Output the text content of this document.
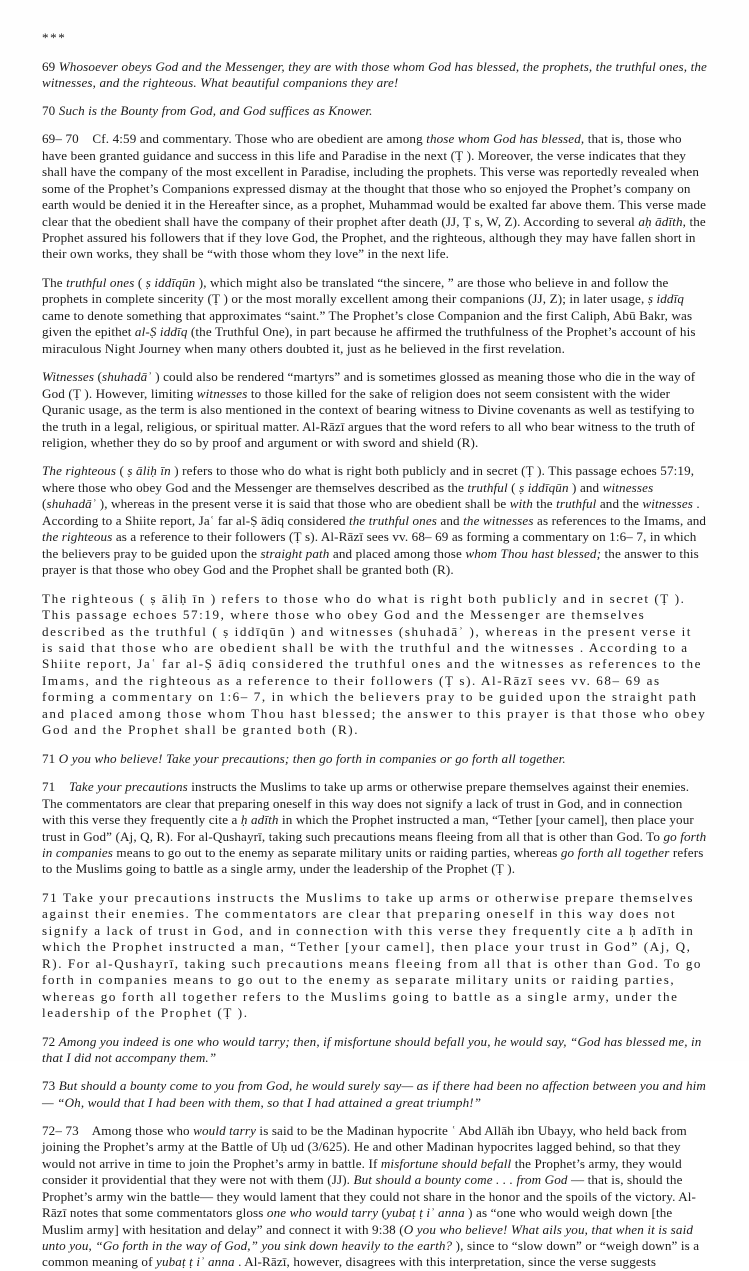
***
69 Whosoever obeys God and the Messenger, they are with those whom God has blessed, the prophets, the truthful ones, the witnesses, and the righteous. What beautiful companions they are!
70 Such is the Bounty from God, and God suffices as Knower.
69– 70    Cf. 4:59 and commentary. Those who are obedient are among those whom God has blessed, that is, those who have been granted guidance and success in this life and Paradise in the next (Ṭ ). Moreover, the verse indicates that they shall have the company of the most excellent in Paradise, including the prophets. This verse was reportedly revealed when some of the Prophet’s Companions expressed dismay at the thought that those who so enjoyed the Prophet’s company on earth would be denied it in the Hereafter since, as a prophet, Muhammad would be exalted far above them. This verse made clear that the obedient shall have the company of their prophet after death (JJ, Ṭ s, W, Z). According to several aḥ ādīth, the Prophet assured his followers that if they love God, the Prophet, and the righteous, although they may have fallen short in their own works, they shall be “with those whom they love” in the next life.
The truthful ones ( ṣ iddīqūn ), which might also be translated “the sincere, ” are those who believe in and follow the prophets in complete sincerity (Ṭ ) or the most morally excellent among their companions (JJ, Z); in later usage, ṣ iddīq came to denote something that approximates “saint.” The Prophet’s close Companion and the first Caliph, Abū Bakr, was given the epithet al-Ṣ iddīq (the Truthful One), in part because he affirmed the truthfulness of the Prophet’s account of his miraculous Night Journey when many others doubted it, just as he believed in the first revelation.
Witnesses (shuhadāʾ ) could also be rendered “martyrs” and is sometimes glossed as meaning those who die in the way of God (Ṭ ). However, limiting witnesses to those killed for the sake of religion does not seem consistent with the wider Quranic usage, as the term is also mentioned in the context of bearing witness to Divine covenants as well as testifying to the truth in a legal, religious, or spiritual matter. Al-Rāzī argues that the word refers to all who bear witness to the truth of religion, whether they do so by proof and argument or with sword and shield (R).
The righteous ( ṣ āliḥ īn ) refers to those who do what is right both publicly and in secret (Ṭ ). This passage echoes 57:19, where those who obey God and the Messenger are themselves described as the truthful ( ṣ iddīqūn ) and witnesses (shuhadāʾ ), whereas in the present verse it is said that those who are obedient shall be with the truthful and the witnesses . According to a Shiite report, Jaʿ far al-Ṣ ādiq considered the truthful ones and the witnesses as references to the Imams, and the righteous as a reference to their followers (Ṭ s). Al-Rāzī sees vv. 68– 69 as forming a commentary on 1:6– 7, in which the believers pray to be guided upon the straight path and placed among those whom Thou hast blessed; the answer to this prayer is that those who obey God and the Prophet shall be granted both (R).
The righteous ( ṣ āliḥ īn ) refers to those who do what is right both publicly and in secret (Ṭ ). This passage echoes 57:19, where those who obey God and the Messenger are themselves described as the truthful ( ṣ iddīqūn ) and witnesses (shuhadāʾ ), whereas in the present verse it is said that those who are obedient shall be with the truthful and the witnesses . According to a Shiite report, Jaʿ far al-Ṣ ādiq considered the truthful ones and the witnesses as references to the Imams, and the righteous as a reference to their followers (Ṭ s). Al-Rāzī sees vv. 68– 69 as forming a commentary on 1:6– 7, in which the believers pray to be guided upon the straight path and placed among those whom Thou hast blessed; the answer to this prayer is that those who obey God and the Prophet shall be granted both (R).
71 O you who believe! Take your precautions; then go forth in companies or go forth all together.
71    Take your precautions instructs the Muslims to take up arms or otherwise prepare themselves against their enemies. The commentators are clear that preparing oneself in this way does not signify a lack of trust in God, and in connection with this verse they frequently cite a ḥ adīth in which the Prophet instructed a man, “Tether [your camel], then place your trust in God” (Aj, Q, R). For al-Qushayrī, taking such precautions means fleeing from all that is other than God. To go forth in companies means to go out to the enemy as separate military units or raiding parties, whereas go forth all together refers to the Muslims going to battle as a single army, under the leadership of the Prophet (Ṭ ).
71 Take your precautions instructs the Muslims to take up arms or otherwise prepare themselves against their enemies. The commentators are clear that preparing oneself in this way does not signify a lack of trust in God, and in connection with this verse they frequently cite a ḥ adīth in which the Prophet instructed a man, “Tether [your camel], then place your trust in God” (Aj, Q, R). For al-Qushayrī, taking such precautions means fleeing from all that is other than God. To go forth in companies means to go out to the enemy as separate military units or raiding parties, whereas go forth all together refers to the Muslims going to battle as a single army, under the leadership of the Prophet (Ṭ ).
72 Among you indeed is one who would tarry; then, if misfortune should befall you, he would say, “God has blessed me, in that I did not accompany them.”
73 But should a bounty come to you from God, he would surely say— as if there had been no affection between you and him— “Oh, would that I had been with them, so that I had attained a great triumph!”
72– 73    Among those who would tarry is said to be the Madinan hypocrite ʿ Abd Allāh ibn Ubayy, who held back from joining the Prophet’s army at the Battle of Uḥ ud (3/625). He and other Madinan hypocrites lagged behind, so that they would not arrive in time to join the Prophet’s army in battle. If misfortune should befall the Prophet’s army, they would consider it providential that they were not with them (JJ). But should a bounty come . . . from God — that is, should the Prophet’s army win the battle— they would lament that they could not share in the honor and the spoils of the victory. Al-Rāzī notes that some commentators gloss one who would tarry (yubaṭ ṭ iʾ anna ) as “one who would weigh down [the Muslim army] with hesitation and delay” and connect it with 9:38 (O you who believe! What ails you, that when it is said unto you, “Go forth in the way of God,” you sink down heavily to the earth? ), since to “slow down” or “weigh down” is a common meaning of yubaṭ ṭ iʾ anna . Al-Rāzī, however, disagrees with this interpretation, since the verse suggests
